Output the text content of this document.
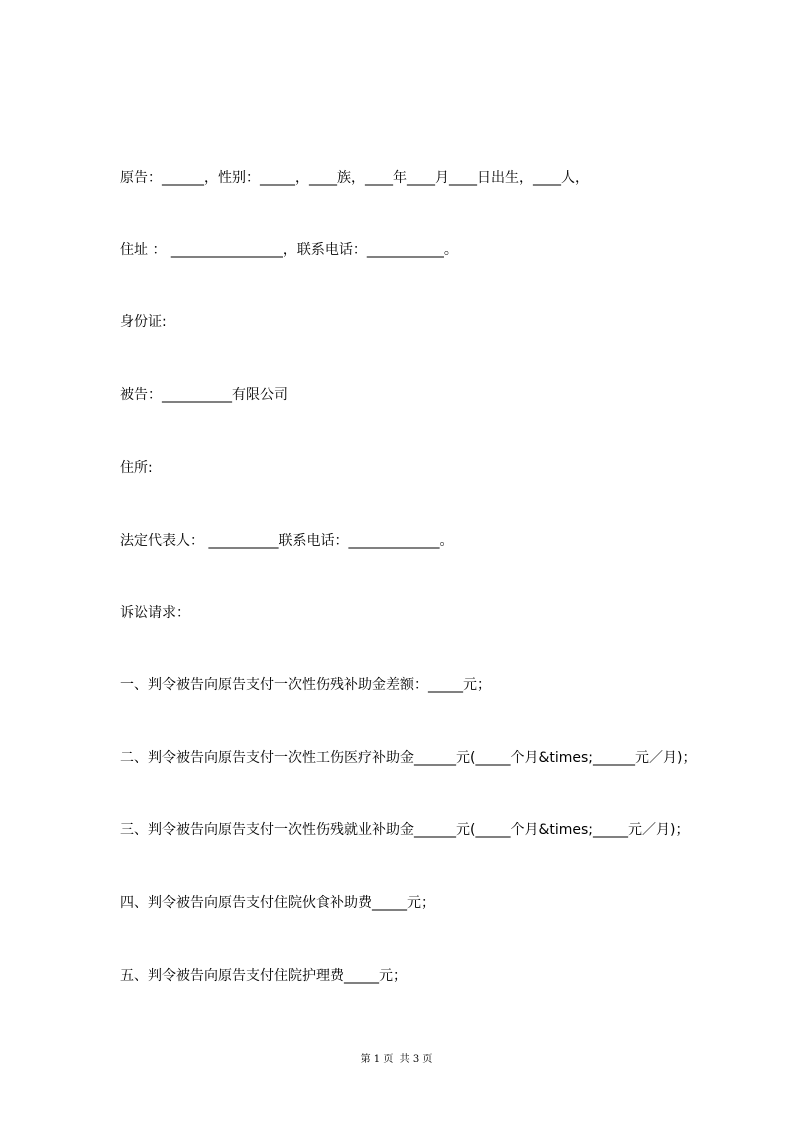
原告：______，性别：_____，____族，____年____月____日出生，____人，
住址 ： ________________，联系电话：___________。
身份证:
被告：__________有限公司
住所:
法定代表人： __________联系电话：_____________。
诉讼请求：
一、判令被告向原告支付一次性伤残补助金差额：_____元；
二、判令被告向原告支付一次性工伤医疗补助金______元(_____个月&times;______元／月)；
三、判令被告向原告支付一次性伤残就业补助金______元(_____个月&times;_____元／月)；
四、判令被告向原告支付住院伙食补助费_____元；
五、判令被告向原告支付住院护理费_____元；
第 1 页  共 3 页
